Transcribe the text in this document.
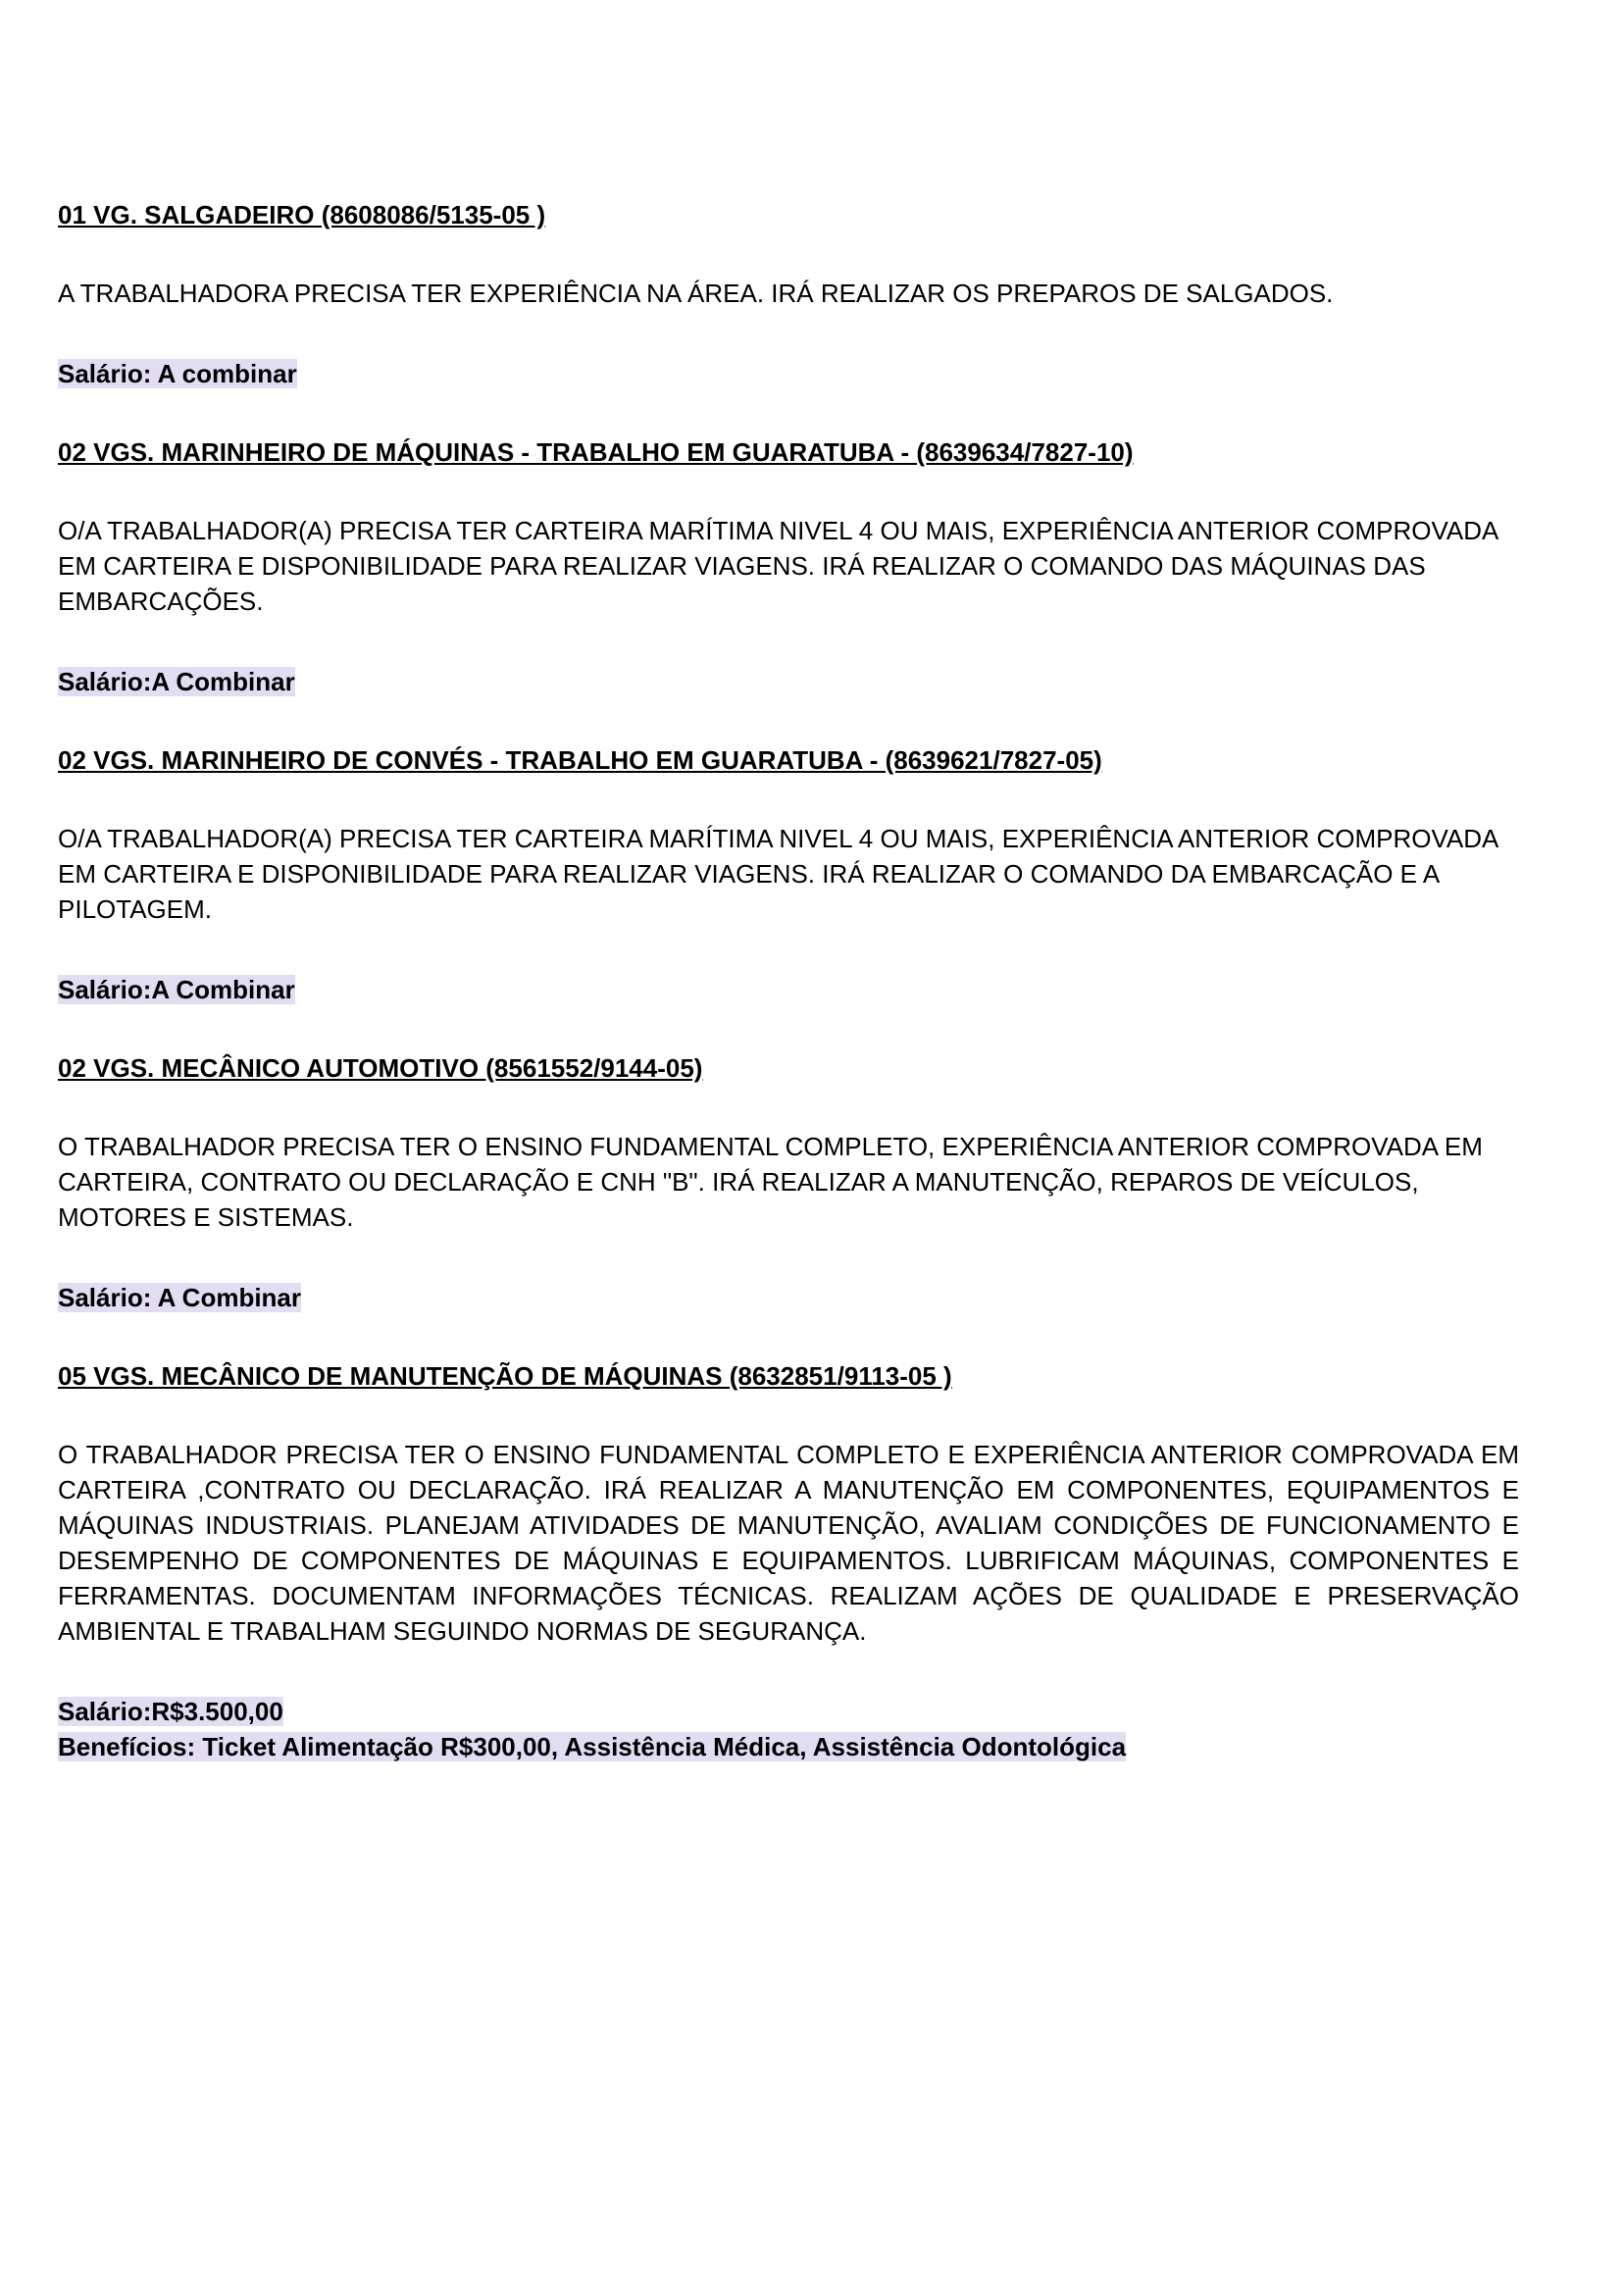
01 VG. SALGADEIRO (8608086/5135-05 )

A TRABALHADORA PRECISA TER EXPERIÊNCIA NA ÁREA. IRÁ REALIZAR OS PREPAROS DE SALGADOS.

Salário: A combinar

02 VGS. MARINHEIRO DE MÁQUINAS - TRABALHO EM GUARATUBA - (8639634/7827-10)

O/A TRABALHADOR(A) PRECISA TER CARTEIRA MARÍTIMA NIVEL 4 OU MAIS, EXPERIÊNCIA ANTERIOR COMPROVADA EM CARTEIRA E DISPONIBILIDADE PARA REALIZAR VIAGENS. IRÁ REALIZAR O COMANDO DAS MÁQUINAS DAS EMBARCAÇÕES.

Salário:A Combinar

02 VGS. MARINHEIRO DE CONVÉS - TRABALHO EM GUARATUBA - (8639621/7827-05)

O/A TRABALHADOR(A) PRECISA TER CARTEIRA MARÍTIMA NIVEL 4 OU MAIS, EXPERIÊNCIA ANTERIOR COMPROVADA EM CARTEIRA E DISPONIBILIDADE PARA REALIZAR VIAGENS. IRÁ REALIZAR O COMANDO DA EMBARCAÇÃO E A PILOTAGEM.

Salário:A Combinar

02 VGS. MECÂNICO AUTOMOTIVO (8561552/9144-05)

O TRABALHADOR PRECISA TER O ENSINO FUNDAMENTAL COMPLETO, EXPERIÊNCIA ANTERIOR COMPROVADA EM CARTEIRA, CONTRATO OU DECLARAÇÃO E CNH "B". IRÁ REALIZAR A MANUTENÇÃO, REPAROS DE VEÍCULOS, MOTORES E SISTEMAS.

Salário: A Combinar

05 VGS. MECÂNICO DE MANUTENÇÃO DE MÁQUINAS (8632851/9113-05 )

O TRABALHADOR PRECISA TER O ENSINO FUNDAMENTAL COMPLETO E EXPERIÊNCIA ANTERIOR COMPROVADA EM CARTEIRA ,CONTRATO OU DECLARAÇÃO. IRÁ REALIZAR A MANUTENÇÃO EM COMPONENTES, EQUIPAMENTOS E MÁQUINAS INDUSTRIAIS. PLANEJAM ATIVIDADES DE MANUTENÇÃO, AVALIAM CONDIÇÕES DE FUNCIONAMENTO E DESEMPENHO DE COMPONENTES DE MÁQUINAS E EQUIPAMENTOS. LUBRIFICAM MÁQUINAS, COMPONENTES E FERRAMENTAS. DOCUMENTAM INFORMAÇÕES TÉCNICAS. REALIZAM AÇÕES DE QUALIDADE E PRESERVAÇÃO AMBIENTAL E TRABALHAM SEGUINDO NORMAS DE SEGURANÇA.

Salário:R$3.500,00

Benefícios: Ticket Alimentação R$300,00, Assistência Médica, Assistência Odontológica
